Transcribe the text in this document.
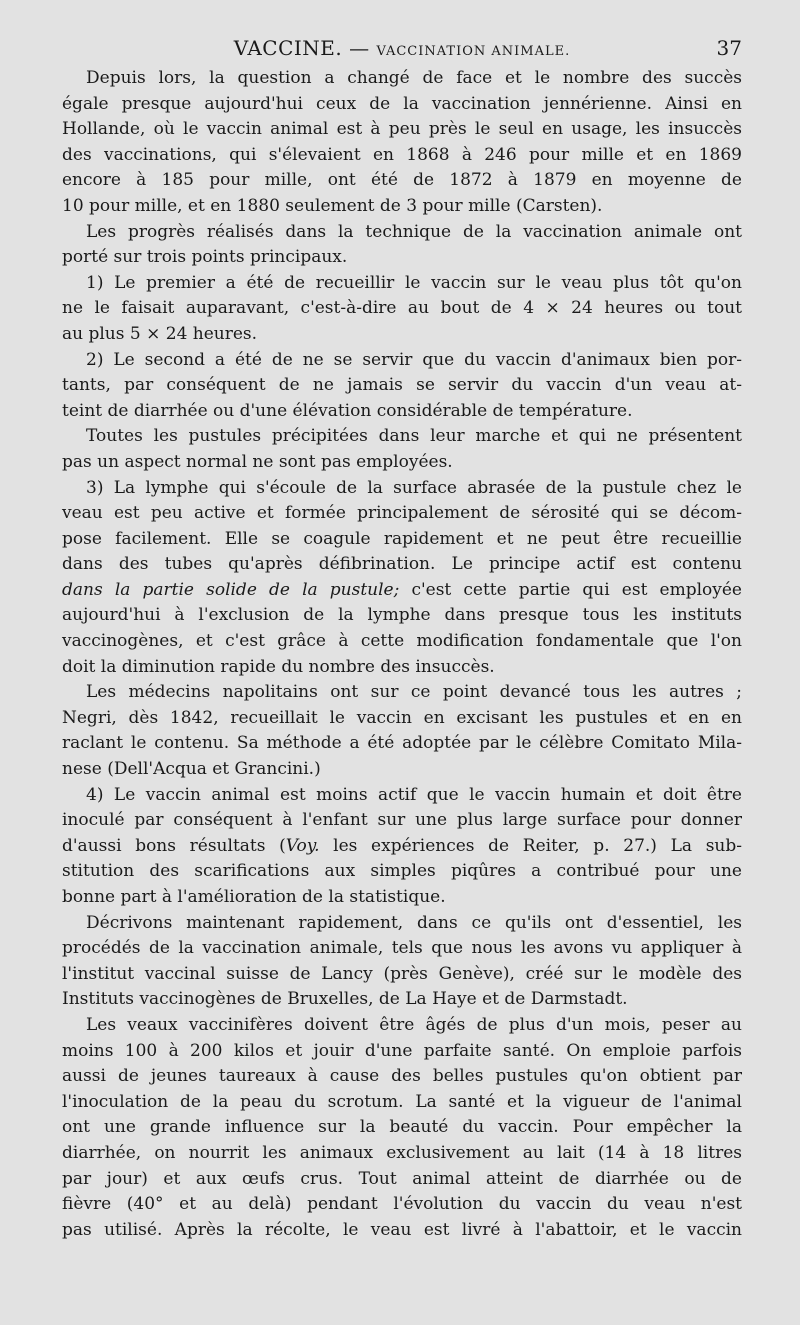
VACCINE. — VACCINATION ANIMALE.	37
Depuis lors, la question a changé de face et le nombre des succès
égale presque aujourd'hui ceux de la vaccination jennérienne. Ainsi en
Hollande, où le vaccin animal est à peu près le seul en usage, les insuccès
des vaccinations, qui s'élevaient en 1868 à 246 pour mille et en 1869
encore à 185 pour mille, ont été de 1872 à 1879 en moyenne de
10 pour mille, et en 1880 seulement de 3 pour mille (Carsten).
Les progrès réalisés dans la technique de la vaccination animale ont
porté sur trois points principaux.
1) Le premier a été de recueillir le vaccin sur le veau plus tôt qu'on
ne le faisait auparavant, c'est-à-dire au bout de 4 × 24 heures ou tout
au plus 5 × 24 heures.
2) Le second a été de ne se servir que du vaccin d'animaux bien por-
tants, par conséquent de ne jamais se servir du vaccin d'un veau at-
teint de diarrhée ou d'une élévation considérable de température.
Toutes les pustules précipitées dans leur marche et qui ne présentent
pas un aspect normal ne sont pas employées.
3) La lymphe qui s'écoule de la surface abrasée de la pustule chez le
veau est peu active et formée principalement de sérosité qui se décom-
pose facilement. Elle se coagule rapidement et ne peut être recueillie
dans des tubes qu'après défibrination. Le principe actif est contenu
dans la partie solide de la pustule; c'est cette partie qui est employée
aujourd'hui à l'exclusion de la lymphe dans presque tous les instituts
vaccinogènes, et c'est grâce à cette modification fondamentale que l'on
doit la diminution rapide du nombre des insuccès.
Les médecins napolitains ont sur ce point devancé tous les autres ;
Negri, dès 1842, recueillait le vaccin en excisant les pustules et en en
raclant le contenu. Sa méthode a été adoptée par le célèbre Comitato Mila-
nese (Dell'Acqua et Grancini.)
4) Le vaccin animal est moins actif que le vaccin humain et doit être
inoculé par conséquent à l'enfant sur une plus large surface pour donner
d'aussi bons résultats (Voy. les expériences de Reiter, p. 27.) La sub-
stitution des scarifications aux simples piqûres a contribué pour une
bonne part à l'amélioration de la statistique.
Décrivons maintenant rapidement, dans ce qu'ils ont d'essentiel, les
procédés de la vaccination animale, tels que nous les avons vu appliquer à
l'institut vaccinal suisse de Lancy (près Genève), créé sur le modèle des
Instituts vaccinogènes de Bruxelles, de La Haye et de Darmstadt.
Les veaux vaccinifères doivent être âgés de plus d'un mois, peser au
moins 100 à 200 kilos et jouir d'une parfaite santé. On emploie parfois
aussi de jeunes taureaux à cause des belles pustules qu'on obtient par
l'inoculation de la peau du scrotum. La santé et la vigueur de l'animal
ont une grande influence sur la beauté du vaccin. Pour empêcher la
diarrhée, on nourrit les animaux exclusivement au lait (14 à 18 litres
par jour) et aux œufs crus. Tout animal atteint de diarrhée ou de
fièvre (40° et au delà) pendant l'évolution du vaccin du veau n'est
pas utilisé. Après la récolte, le veau est livré à l'abattoir, et le vaccin
